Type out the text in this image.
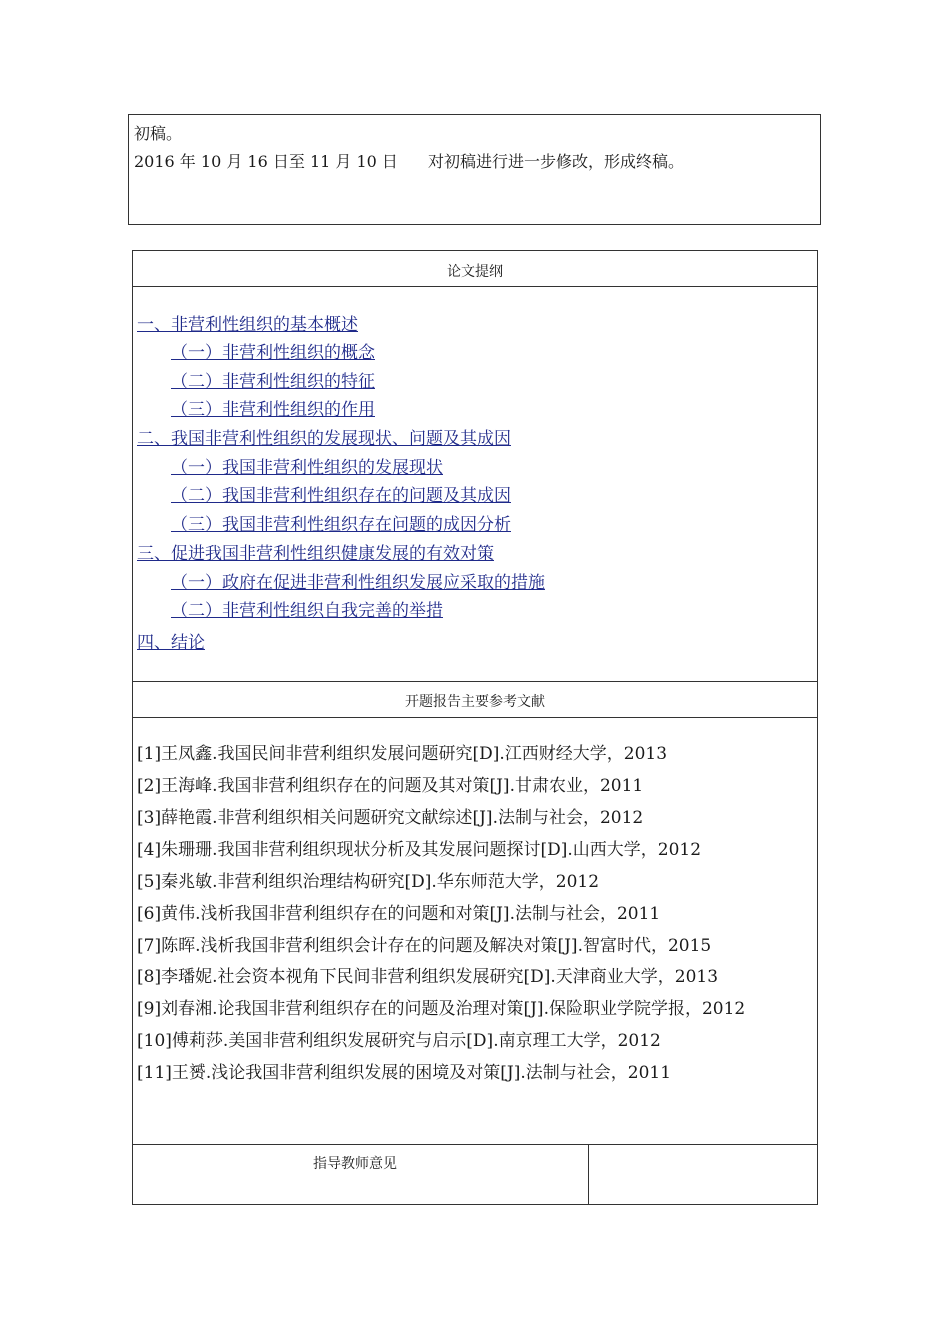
初稿。
2016 年 10 月 16 日至 11 月 10 日 对初稿进行进一步修改，形成终稿。
论文提纲
一、非营利性组织的基本概述
（一）非营利性组织的概念
（二）非营利性组织的特征
（三）非营利性组织的作用
二、我国非营利性组织的发展现状、问题及其成因
（一）我国非营利性组织的发展现状
（二）我国非营利性组织存在的问题及其成因
（三）我国非营利性组织存在问题的成因分析
三、促进我国非营利性组织健康发展的有效对策
（一）政府在促进非营利性组织发展应采取的措施
（二）非营利性组织自我完善的举措
四、结论
开题报告主要参考文献
[1]王凤鑫.我国民间非营利组织发展问题研究[D].江西财经大学，2013
[2]王海峰.我国非营利组织存在的问题及其对策[J].甘肃农业，2011
[3]薛艳霞.非营利组织相关问题研究文献综述[J].法制与社会，2012
[4]朱珊珊.我国非营利组织现状分析及其发展问题探讨[D].山西大学，2012
[5]秦兆敏.非营利组织治理结构研究[D].华东师范大学，2012
[6]黄伟.浅析我国非营利组织存在的问题和对策[J].法制与社会，2011
[7]陈晖.浅析我国非营利组织会计存在的问题及解决对策[J].智富时代，2015
[8]李璠妮.社会资本视角下民间非营利组织发展研究[D].天津商业大学，2013
[9]刘春湘.论我国非营利组织存在的问题及治理对策[J].保险职业学院学报，2012
[10]傅莉莎.美国非营利组织发展研究与启示[D].南京理工大学，2012
[11]王赟.浅论我国非营利组织发展的困境及对策[J].法制与社会，2011
指导教师意见
